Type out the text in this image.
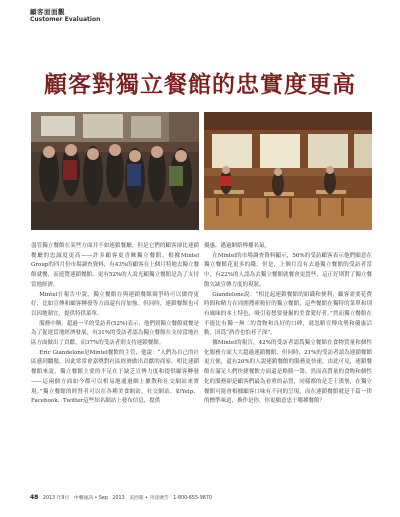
顧客面面觀
Customer Evaluation
顧客對獨立餐館的忠實度更高

盡管獨立餐館在某些方面并不如連鎖餐廳，但是它們的顧客卻比連鎖餐廳的忠誠度更高——許多顧客更青睞獨立餐館。根據Mintel Group的四月份市場調查資料，有43%的顧客在上個月特地去獨立餐館就餐，而遊覽連鎖餐館、更有52%的人說光顧獨立餐館是為了支持當地經濟。

Mintel在報告中說，獨立餐館在與連鎖餐館競爭時可以做得更好，比如宣傳和顧客轉發等方面還有待加強。但同時，連鎖餐館也可以因地制宜，提供特供菜單。

服務中稱，超過一半的受訪者(52%)表示，他們到獨立餐館就餐是為了促進當地經濟發展，有31%的受訪者認為獨立餐館在支持當地社區方面做出了貢獻，而37%的受訪者則支持連鎖餐館。

Eric Giandelone是Mintel餐飲的主管，他說：“人們為自己的社區感到驕傲，因此常常會嘉獎對社區經濟做出貢獻的商家。相比連鎖餐館來說，獨立餐館主要的不足在于缺乏宣傳力度和提供顧客轉發——這兩個方面如今都可以相易地通過網上擴散和社交網站來實現。”獨立餐館的經營者可以在各種美食網站，社交網站，如Yelp、Facebook、Twitter這些知名網站上發布信息，提供

優惠，邁過網絡傳播名氣。

在Mintel的市場調查資料顯示，56%的受訪顧客表示他們願意在獨立餐館花更多的錢。但是，上個月沒有去過獨立餐館的受訪者當中，有22%的人認為去獨立餐館就餐會更貴些，這正好則對了獨立餐館欠缺宣傳力度的現狀。

Giandelone說：“相比起連鎖餐館的組織和便利，顧客需要花費時間和精力在周圍搜索較好的獨立餐館，這些餐館在獨特的菜單和別有風味的本土特色，吸引着想要發掘的美食愛好者。”然而獨立餐館在不能比有獨一無二的食物和良好的口碑，就忽略宣傳攻勢和優惠活動，因爲“酒香也怕巷子深”。

據Mintel的報告，42%的受訪者認爲獨立餐館在食物質量和個性化服務方面大大超過連鎖餐館，但同時，21%的受訪者認為連鎖餐館更方便，還有20%的人說連鎖餐館的服務更快速。由此可見，連鎖餐館在滿足人們快捷餐飲方面還是略勝一籌。然而高質量的食物和個性化的服務卻是顧客們最為看重的品質，同樣都的是芝士漢堡，在獨立餐館可能會根據顧客口味有不同的呈現，而在連鎖餐館就是千篇一律的標準味道，換作是你，你更願意忠于哪種餐館？

48 2013 年9月 中餐通訊 • Sep 2013 美西版 • 刊登廣告 1-800-655-9870
